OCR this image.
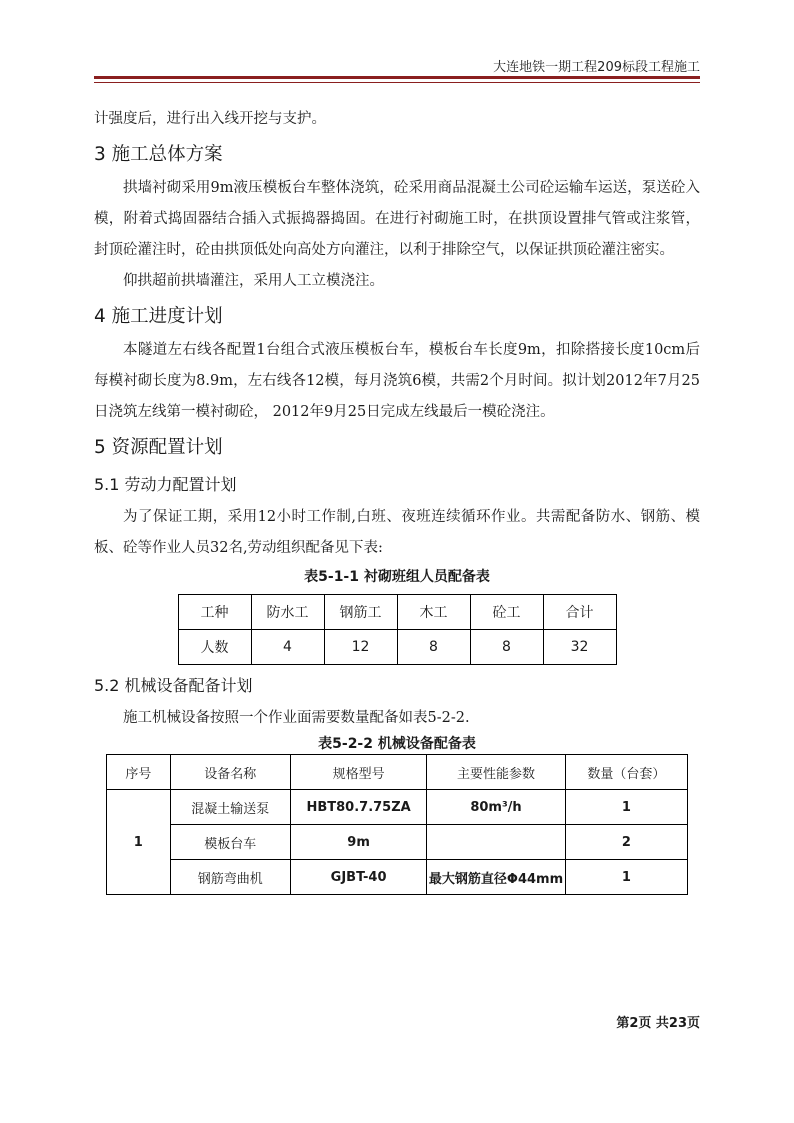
大连地铁一期工程209标段工程施工

计强度后，进行出入线开挖与支护。

3 施工总体方案

拱墙衬砌采用9m液压模板台车整体浇筑，砼采用商品混凝土公司砼运输车运送，泵送砼入模，附着式捣固器结合插入式振捣器捣固。在进行衬砌施工时，在拱顶设置排气管或注浆管，封顶砼灌注时，砼由拱顶低处向高处方向灌注，以利于排除空气，以保证拱顶砼灌注密实。

仰拱超前拱墙灌注，采用人工立模浇注。

4 施工进度计划

本隧道左右线各配置1台组合式液压模板台车，模板台车长度9m，扣除搭接长度10cm后每模衬砌长度为8.9m，左右线各12模，每月浇筑6模，共需2个月时间。拟计划2012年7月25日浇筑左线第一模衬砌砼， 2012年9月25日完成左线最后一模砼浇注。

5 资源配置计划
5.1 劳动力配置计划

为了保证工期，采用12小时工作制,白班、夜班连续循环作业。共需配备防水、钢筋、模板、砼等作业人员32名,劳动组织配备见下表:

表5-1-1 衬砌班组人员配备表

工种	防水工	钢筋工	木工	砼工	合计
人数	4	12	8	8	32
5.2 机械设备配备计划

施工机械设备按照一个作业面需要数量配备如表5-2-2.

表5-2-2 机械设备配备表

序号	设备名称	规格型号	主要性能参数	数量（台套）
1	混凝土输送泵	HBT80.7.75ZA	80m³/h	1
	模板台车	9m		2
	钢筋弯曲机	GJBT-40	最大钢筋直径Φ44mm	1
第2页 共23页
